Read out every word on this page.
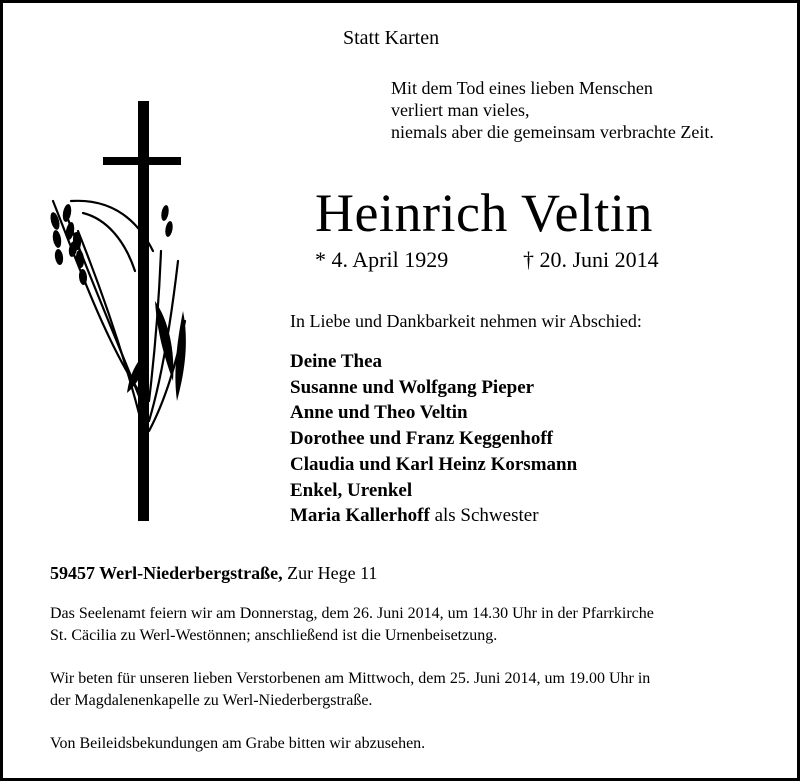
Statt Karten
Mit dem Tod eines lieben Menschen
verliert man vieles,
niemals aber die gemeinsam verbrachte Zeit.
Heinrich Veltin
* 4. April 1929	† 20. Juni 2014
In Liebe und Dankbarkeit nehmen wir Abschied:
Deine Thea
Susanne und Wolfgang Pieper
Anne und Theo Veltin
Dorothee und Franz Keggenhoff
Claudia und Karl Heinz Korsmann
Enkel, Urenkel
Maria Kallerhoff als Schwester
59457 Werl-Niederbergstraße, Zur Hege 11
Das Seelenamt feiern wir am Donnerstag, dem 26. Juni 2014, um 14.30 Uhr in der Pfarrkirche
St. Cäcilia zu Werl-Westönnen; anschließend ist die Urnenbeisetzung.
Wir beten für unseren lieben Verstorbenen am Mittwoch, dem 25. Juni 2014, um 19.00 Uhr in
der Magdalenenkapelle zu Werl-Niederbergstraße.
Von Beileidsbekundungen am Grabe bitten wir abzusehen.
